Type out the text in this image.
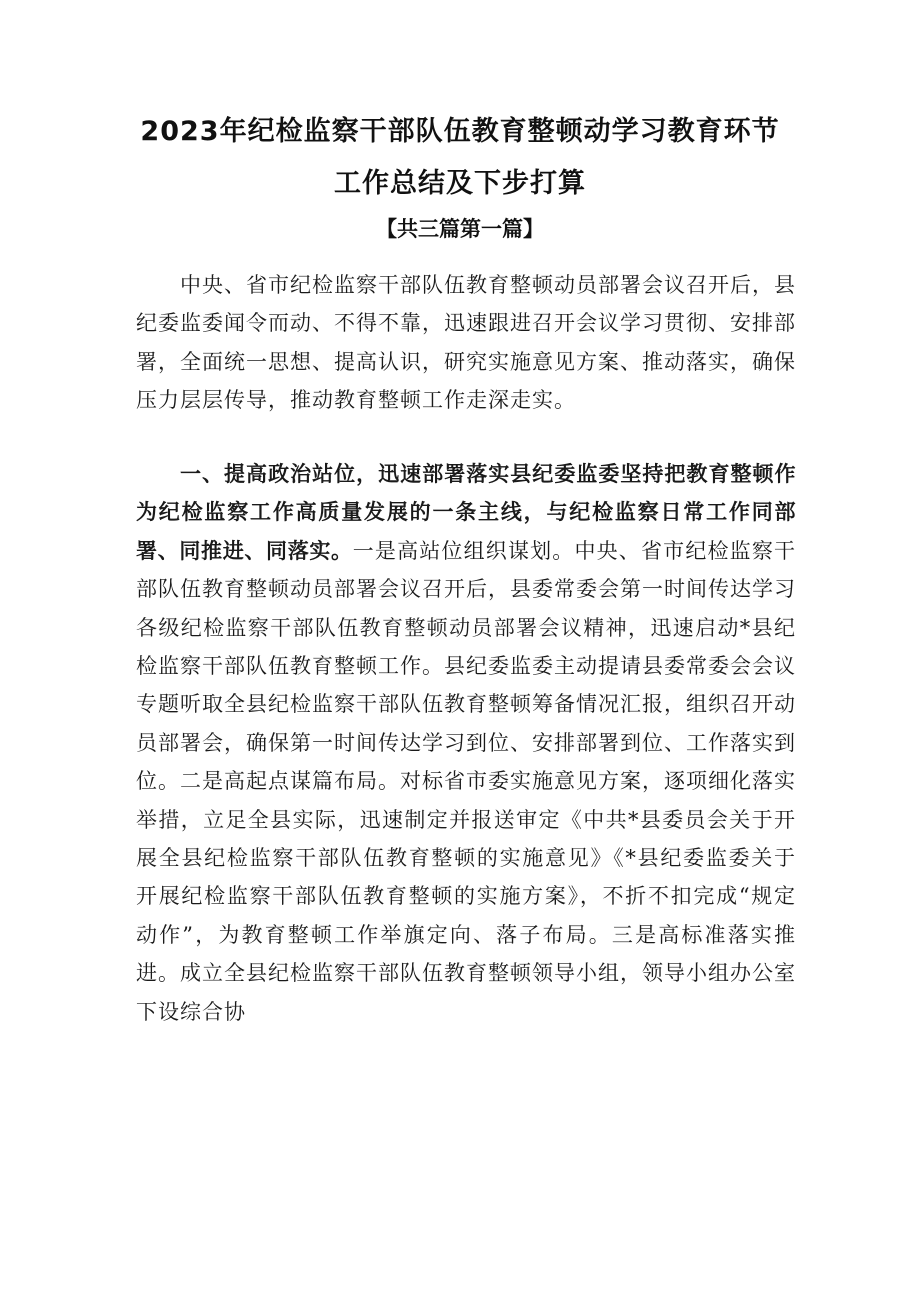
2023年纪检监察干部队伍教育整顿动学习教育环节
工作总结及下步打算
【共三篇第一篇】

中央、省市纪检监察干部队伍教育整顿动员部署会议召开后，县纪委监委闻令而动、不得不靠，迅速跟进召开会议学习贯彻、安排部署，全面统一思想、提高认识，研究实施意见方案、推动落实，确保压力层层传导，推动教育整顿工作走深走实。

一、提高政治站位，迅速部署落实县纪委监委坚持把教育整顿作为纪检监察工作高质量发展的一条主线，与纪检监察日常工作同部署、同推进、同落实。一是高站位组织谋划。中央、省市纪检监察干部队伍教育整顿动员部署会议召开后，县委常委会第一时间传达学习各级纪检监察干部队伍教育整顿动员部署会议精神，迅速启动*县纪检监察干部队伍教育整顿工作。县纪委监委主动提请县委常委会会议专题听取全县纪检监察干部队伍教育整顿筹备情况汇报，组织召开动员部署会，确保第一时间传达学习到位、安排部署到位、工作落实到位。二是高起点谋篇布局。对标省市委实施意见方案，逐项细化落实举措，立足全县实际，迅速制定并报送审定《中共*县委员会关于开展全县纪检监察干部队伍教育整顿的实施意见》《*县纪委监委关于开展纪检监察干部队伍教育整顿的实施方案》，不折不扣完成“规定动作”，为教育整顿工作举旗定向、落子布局。三是高标准落实推进。成立全县纪检监察干部队伍教育整顿领导小组，领导小组办公室下设综合协
